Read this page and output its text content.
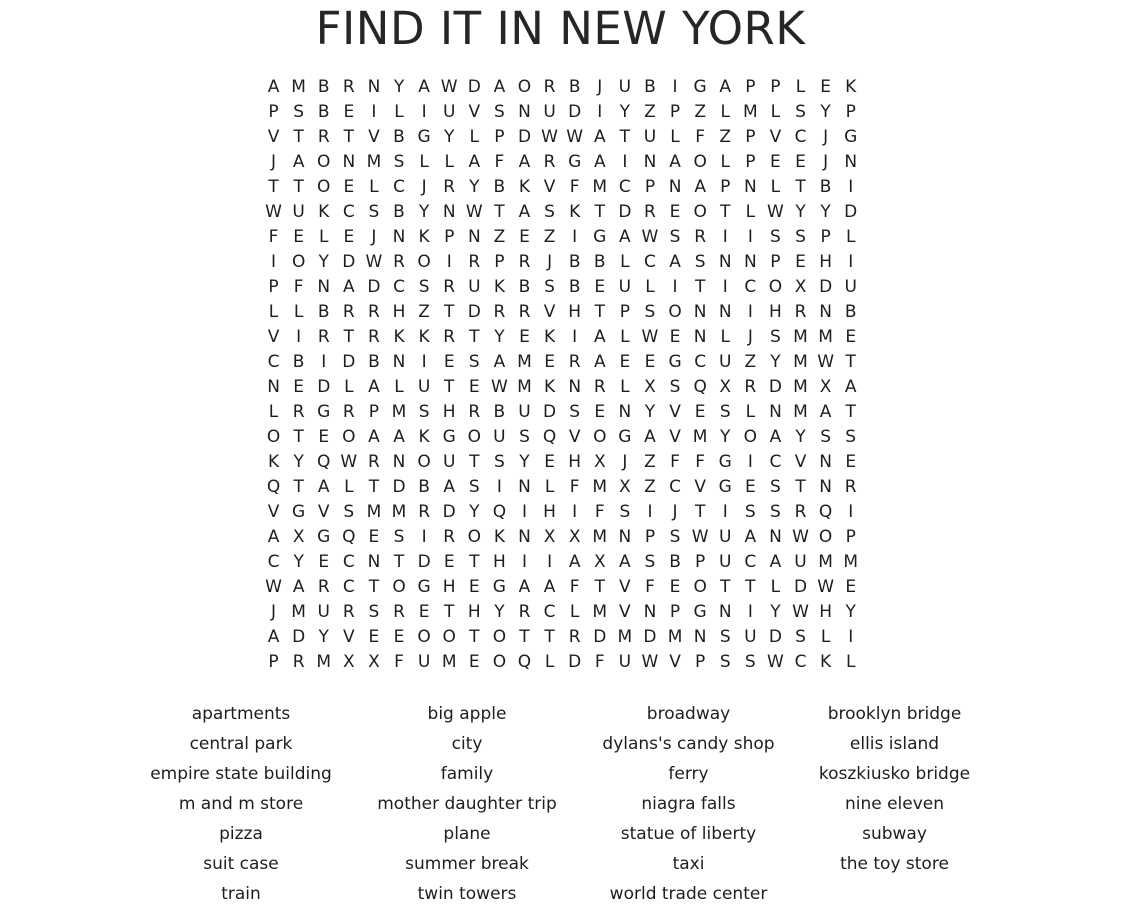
FIND IT IN NEW YORK
A M B R N Y A W D A O R B J U B I G A P P L E K
P S B E	I	L	I U V S N U D I	Y Z P Z L M L S Y P
V T R T V B G Y L P D W W A T U L F Z P V C J G
J A O N M S L L A F A R G A I N A O L P E E	J N
T T O E L C J R Y B K V F M C P N A P N L T B I
W U K C S B Y N W T A S K T D R E O T L W Y Y D
F E L E	J N K P N Z E Z I G A W S R I	I	S S P L
I O Y D W R O I R P R J B B L C A S N N P E H I
P F N A D C S R U K B S B E U L	I	T	I C O X D U
L L B R R H Z T D R R V H T P S O N N I H R N B
V I R T R K K R T Y E K	I A L W E N L	J	S M M E
C B I D B N I	E S A M E R A E E G C U Z Y M W T
N E D L A L U T E W M K N R L X S Q X R D M X A
L R G R P M S H R B U D S E N Y V E S L N M A T
O T E O A A K G O U S Q V O G A V M Y O A Y S S
K Y Q W R N O U T S Y E H X J Z F F G I C V N E
Q T A L T D B A S	I N L F M X Z C V G E S T N R
V G V S M M R D Y Q I H I	F S	I	J	T	I	S S R Q I
A X G Q E S	I R O K N X X M N P S W U A N W O P
C Y E C N T D E T H I	I A X A S B P U C A U M M
W A R C T O G H E G A A F T V F E O T T L D W E
J M U R S R E T H Y R C L M V N P G N I	Y W H Y
A D Y V E E O O T O T T R D M D M N S U D S L	I
P R M X X F U M E O Q L D F U W V P S S W C K L
apartments	big apple	broadway	brooklyn bridge
central park	city	dylans's candy shop	ellis island
empire state building	family	ferry	koszkiusko bridge
m and m store	mother daughter trip	niagra falls	nine eleven
pizza	plane	statue of liberty	subway
suit case	summer break	taxi	the toy store
train	twin towers	world trade center
